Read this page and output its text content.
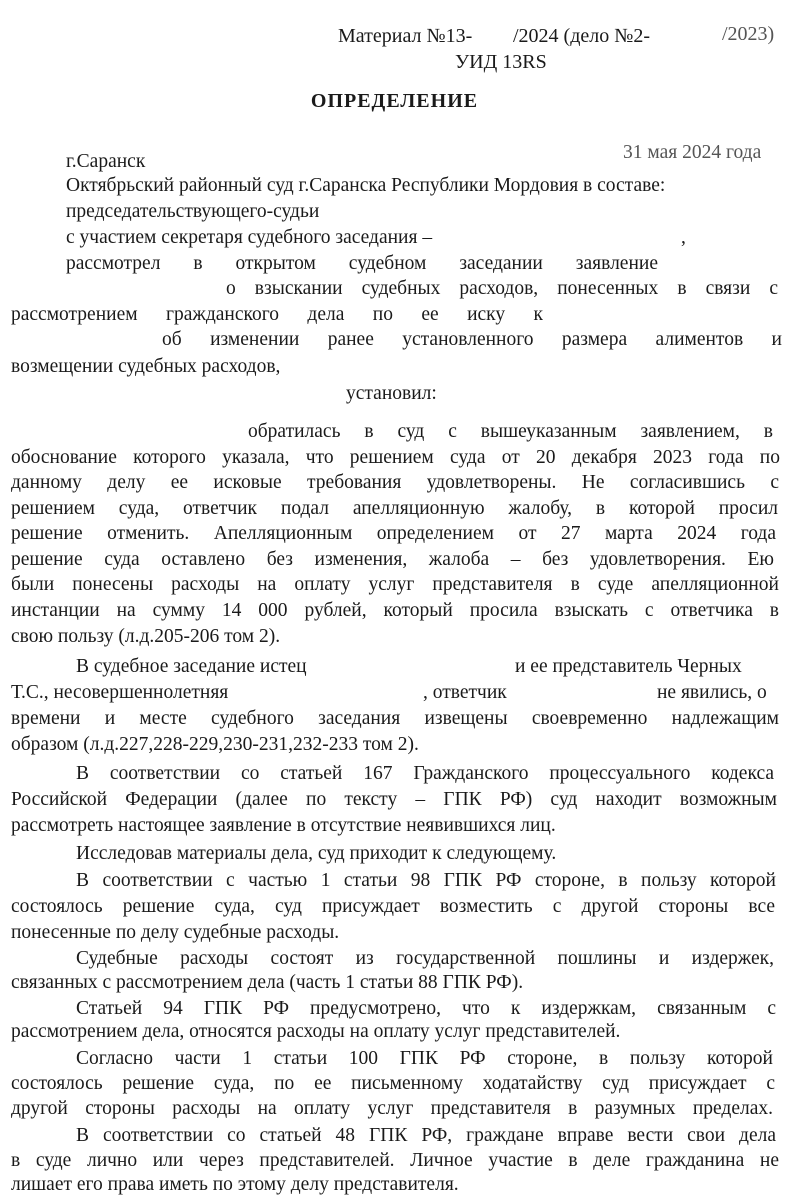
Материал №13- /2024 (дело №2-	/2023)
УИД 13RS
ОПРЕДЕЛЕНИЕ
г.Саранск	31 мая 2024 года
Октябрьский районный суд г.Саранска Республики Мордовия в составе:
председательствующего-судьи
с участием секретаря судебного заседания –	,
рассмотрел в открытом судебном заседании заявление
о взыскании судебных расходов, понесенных в связи с
рассмотрением гражданского дела по ее иску к
об изменении ранее установленного размера алиментов и
возмещении судебных расходов,
установил:
обратилась в суд с вышеуказанным заявлением, в
обоснование которого указала, что решением суда от 20 декабря 2023 года по
данному делу ее исковые требования удовлетворены. Не согласившись с
решением суда, ответчик подал апелляционную жалобу, в которой просил
решение отменить. Апелляционным определением от 27 марта 2024 года
решение суда оставлено без изменения, жалоба – без удовлетворения. Ею
были понесены расходы на оплату услуг представителя в суде апелляционной
инстанции на сумму 14 000 рублей, который просила взыскать с ответчика в
свою пользу (л.д.205-206 том 2).
В судебное заседание истец	и ее представитель Черных
Т.С., несовершеннолетняя	, ответчик	не явились, о
времени и месте судебного заседания извещены своевременно надлежащим
образом (л.д.227,228-229,230-231,232-233 том 2).
В соответствии со статьей 167 Гражданского процессуального кодекса
Российской Федерации (далее по тексту – ГПК РФ) суд находит возможным
рассмотреть настоящее заявление в отсутствие неявившихся лиц.
Исследовав материалы дела, суд приходит к следующему.
В соответствии с частью 1 статьи 98 ГПК РФ стороне, в пользу которой
состоялось решение суда, суд присуждает возместить с другой стороны все
понесенные по делу судебные расходы.
Судебные расходы состоят из государственной пошлины и издержек,
связанных с рассмотрением дела (часть 1 статьи 88 ГПК РФ).
Статьей 94 ГПК РФ предусмотрено, что к издержкам, связанным с
рассмотрением дела, относятся расходы на оплату услуг представителей.
Согласно части 1 статьи 100 ГПК РФ стороне, в пользу которой
состоялось решение суда, по ее письменному ходатайству суд присуждает с
другой стороны расходы на оплату услуг представителя в разумных пределах.
В соответствии со статьей 48 ГПК РФ, граждане вправе вести свои дела
в суде лично или через представителей. Личное участие в деле гражданина не
лишает его права иметь по этому делу представителя.
